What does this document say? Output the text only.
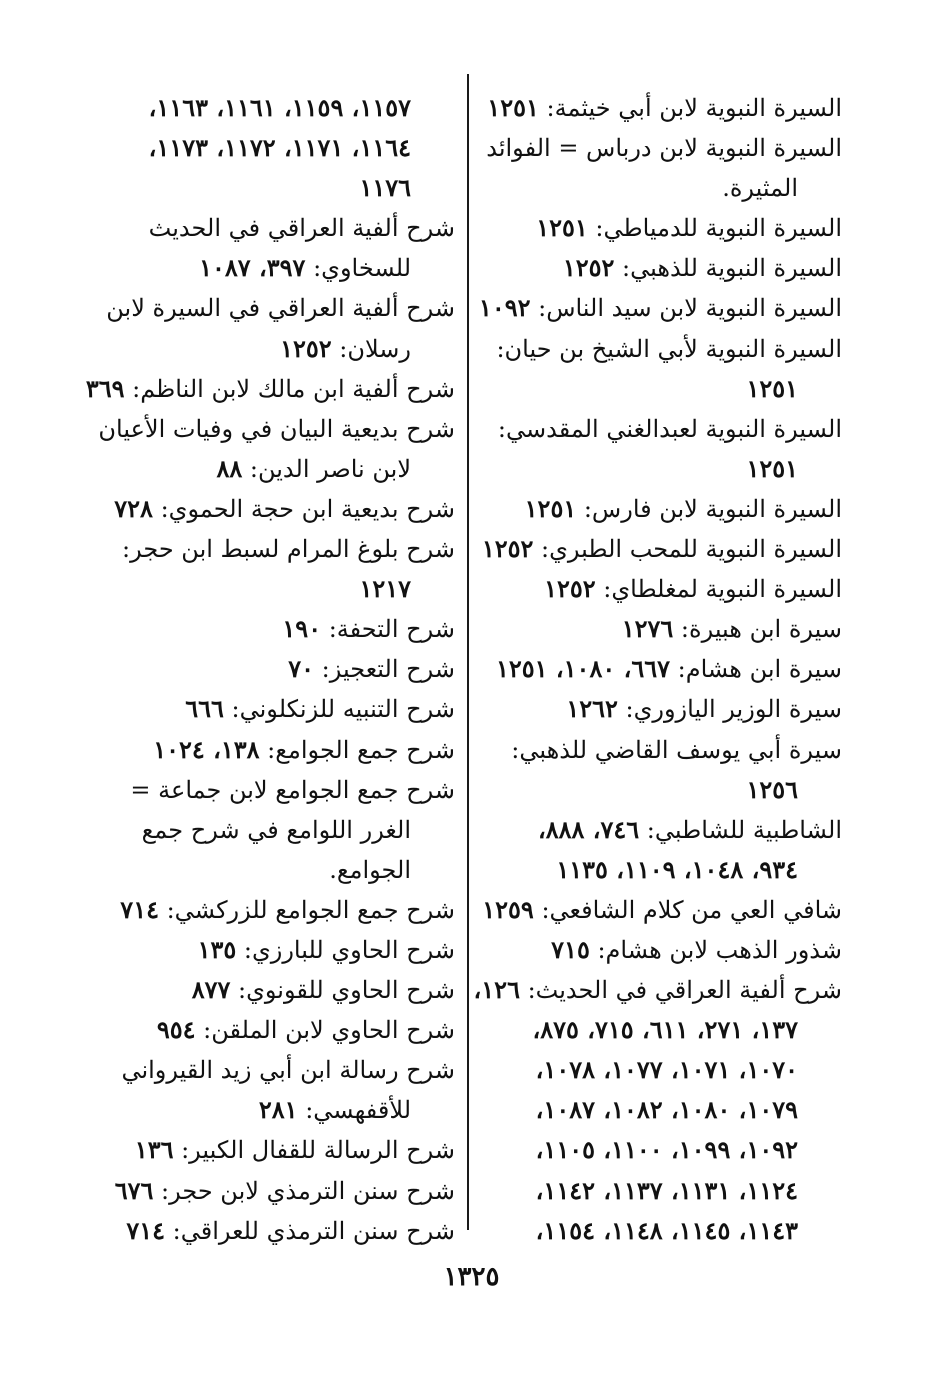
السيرة النبوية لابن أبي خيثمة: ١٢٥١
السيرة النبوية لابن درباس = الفوائد
المثيرة.
السيرة النبوية للدمياطي: ١٢٥١
السيرة النبوية للذهبي: ١٢٥٢
السيرة النبوية لابن سيد الناس: ١٠٩٢
السيرة النبوية لأبي الشيخ بن حيان:
١٢٥١
السيرة النبوية لعبدالغني المقدسي:
١٢٥١
السيرة النبوية لابن فارس: ١٢٥١
السيرة النبوية للمحب الطبري: ١٢٥٢
السيرة النبوية لمغلطاي: ١٢٥٢
سيرة ابن هبيرة: ١٢٧٦
سيرة ابن هشام: ٦٦٧، ١٠٨٠، ١٢٥١
سيرة الوزير اليازوري: ١٢٦٢
سيرة أبي يوسف القاضي للذهبي:
١٢٥٦
الشاطبية للشاطبي: ٧٤٦، ٨٨٨،
٩٣٤، ١٠٤٨، ١١٠٩، ١١٣٥
شافي العي من كلام الشافعي: ١٢٥٩
شذور الذهب لابن هشام: ٧١٥
شرح ألفية العراقي في الحديث: ١٢٦،
١٣٧، ٢٧١، ٦١١، ٧١٥، ٨٧٥،
١٠٧٠، ١٠٧١، ١٠٧٧، ١٠٧٨،
١٠٧٩، ١٠٨٠، ١٠٨٢، ١٠٨٧،
١٠٩٢، ١٠٩٩، ١١٠٠، ١١٠٥،
١١٢٤، ١١٣١، ١١٣٧، ١١٤٢،
١١٤٣، ١١٤٥، ١١٤٨، ١١٥٤،
١١٥٧، ١١٥٩، ١١٦١، ١١٦٣،
١١٦٤، ١١٧١، ١١٧٢، ١١٧٣،
١١٧٦
شرح ألفية العراقي في الحديث
للسخاوي: ٣٩٧، ١٠٨٧
شرح ألفية العراقي في السيرة لابن
رسلان: ١٢٥٢
شرح ألفية ابن مالك لابن الناظم: ٣٦٩
شرح بديعية البيان في وفيات الأعيان
لابن ناصر الدين: ٨٨
شرح بديعية ابن حجة الحموي: ٧٢٨
شرح بلوغ المرام لسبط ابن حجر:
١٢١٧
شرح التحفة: ١٩٠
شرح التعجيز: ٧٠
شرح التنبيه للزنكلوني: ٦٦٦
شرح جمع الجوامع: ١٣٨، ١٠٢٤
شرح جمع الجوامع لابن جماعة =
الغرر اللوامع في شرح جمع
الجوامع.
شرح جمع الجوامع للزركشي: ٧١٤
شرح الحاوي للبارزي: ١٣٥
شرح الحاوي للقونوي: ٨٧٧
شرح الحاوي لابن الملقن: ٩٥٤
شرح رسالة ابن أبي زيد القيرواني
للأقفهسي: ٢٨١
شرح الرسالة للقفال الكبير: ١٣٦
شرح سنن الترمذي لابن حجر: ٦٧٦
شرح سنن الترمذي للعراقي: ٧١٤
١٣٢٥
